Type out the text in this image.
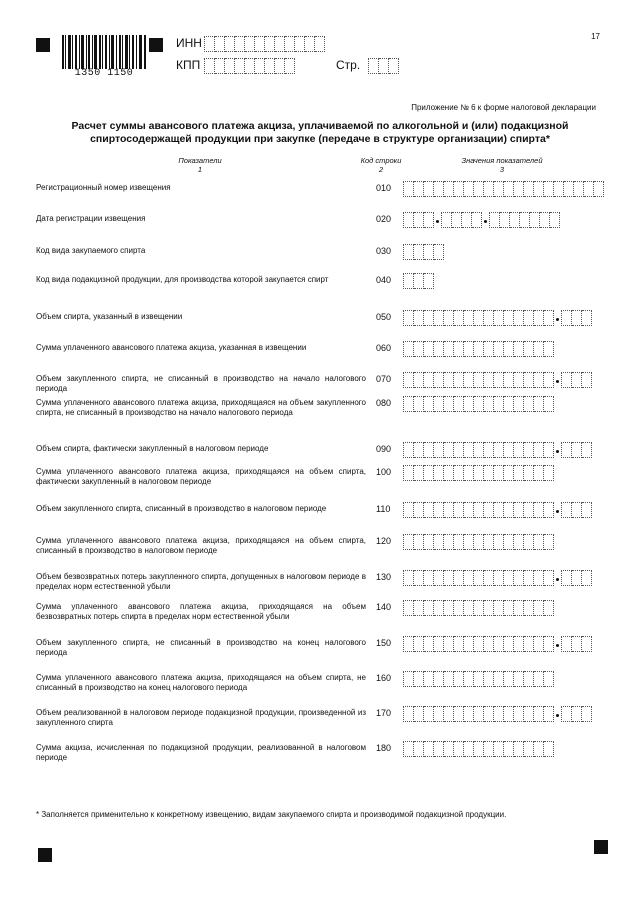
17
1350 1150
ИНН
КПП	Стр.
Приложение № 6 к форме налоговой декларации
Расчет суммы авансового платежа акциза, уплачиваемой по алкогольной и (или) подакцизной спиртосодержащей продукции при закупке (передаче в структуре организации) спирта*
Показатели
1
Код строки
2
Значения показателей
3
Регистрационный номер извещения	010
Дата регистрации извещения	020
Код вида закупаемого спирта	030
Код вида подакцизной продукции, для производства которой закупается спирт	040
Объем спирта, указанный в извещении	050
Сумма уплаченного авансового платежа акциза, указанная в извещении	060
Объем закупленного спирта, не списанный в производство на начало налогового периода
070
Сумма уплаченного авансового платежа акциза, приходящаяся на объем закупленного спирта, не списанный в производство на начало налогового периода
080
Объем спирта, фактически закупленный в налоговом периоде	090
Сумма уплаченного авансового платежа акциза, приходящаяся на объем спирта, фактически закупленный в налоговом периоде
100
Объем закупленного спирта, списанный в производство в налоговом периоде	110
Сумма уплаченного авансового платежа акциза, приходящаяся на объем спирта, списанный в производство в налоговом периоде
120
Объем безвозвратных потерь закупленного спирта, допущенных в налоговом периоде в пределах норм естественной убыли
130
Сумма уплаченного авансового платежа акциза, приходящаяся на объем безвозвратных потерь спирта в пределах норм естественной убыли
140
Объем закупленного спирта, не списанный в производство на конец налогового периода
150
Сумма уплаченного авансового платежа акциза, приходящаяся на объем спирта, не списанный в производство на конец налогового периода
160
Объем реализованной в налоговом периоде подакцизной продукции, произведенной из закупленного спирта
170
Сумма акциза, исчисленная по подакцизной продукции, реализованной в налоговом периоде
180
* Заполняется применительно к конкретному извещению, видам закупаемого спирта и производимой подакцизной продукции.
